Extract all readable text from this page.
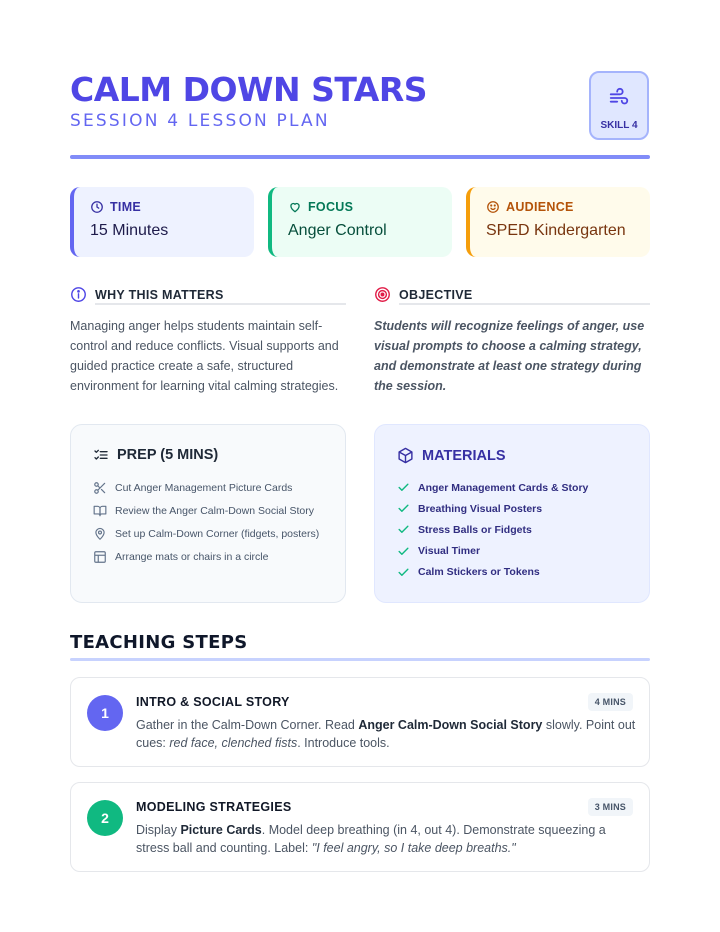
CALM DOWN STARS
SESSION 4 LESSON PLAN	SKILL 4
TIME
15 Minutes
FOCUS
Anger Control
AUDIENCE
SPED Kindergarten
WHY THIS MATTERS
Managing anger helps students maintain self-control and reduce conflicts. Visual supports and guided practice create a safe, structured environment for learning vital calming strategies.
OBJECTIVE
Students will recognize feelings of anger, use visual prompts to choose a calming strategy, and demonstrate at least one strategy during the session.
PREP (5 MINS)
Cut Anger Management Picture Cards
Review the Anger Calm-Down Social Story
Set up Calm-Down Corner (fidgets, posters)
Arrange mats or chairs in a circle
MATERIALS
Anger Management Cards & Story
Breathing Visual Posters
Stress Balls or Fidgets
Visual Timer
Calm Stickers or Tokens
TEACHING STEPS
1
INTRO & SOCIAL STORY	4 MINS
Gather in the Calm-Down Corner. Read Anger Calm-Down Social Story slowly. Point out cues: red face, clenched fists. Introduce tools.
2
MODELING STRATEGIES	3 MINS
Display Picture Cards. Model deep breathing (in 4, out 4). Demonstrate squeezing a stress ball and counting. Label: "I feel angry, so I take deep breaths."
